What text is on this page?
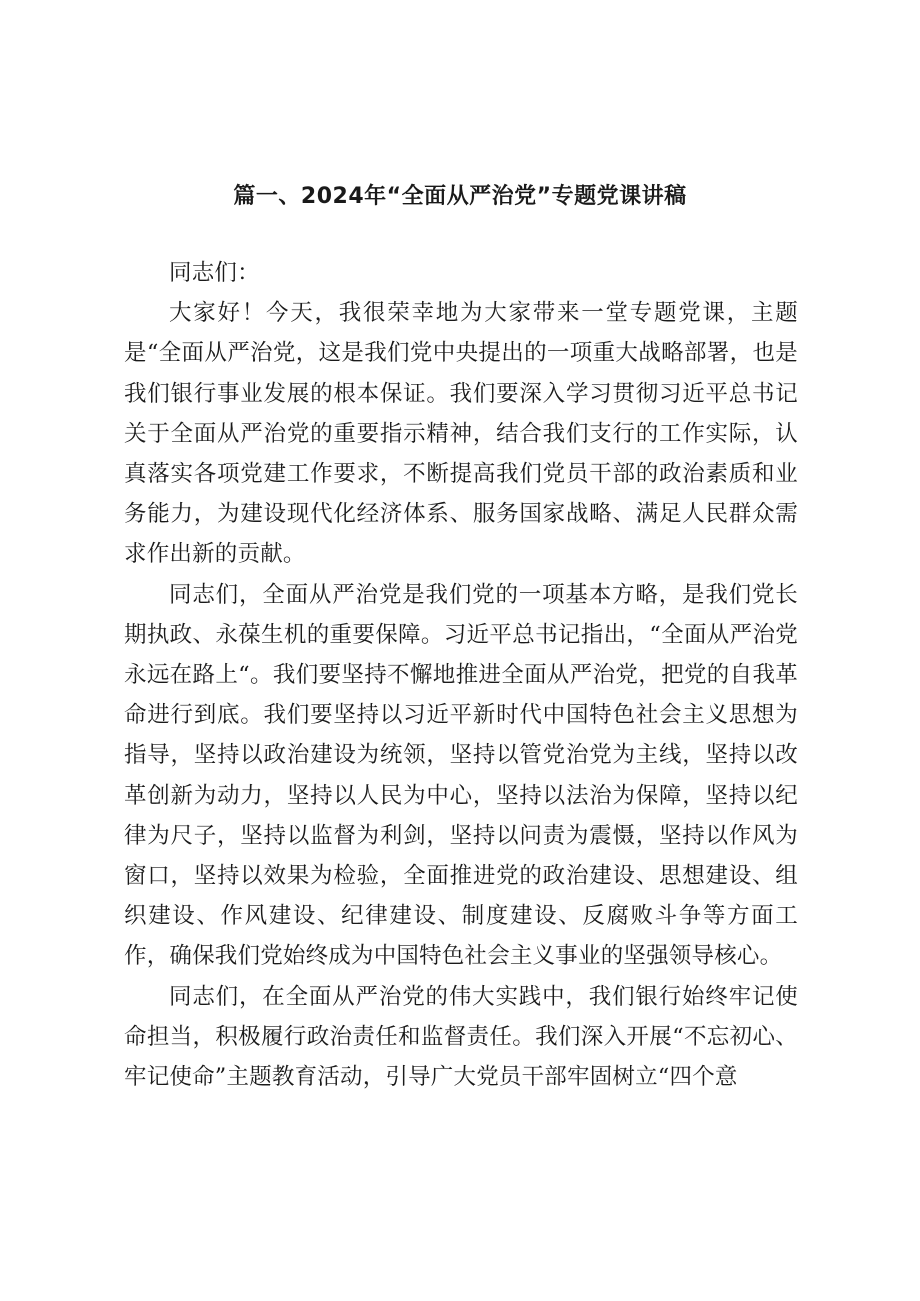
篇一、2024年“全面从严治党”专题党课讲稿

同志们：

大家好！今天，我很荣幸地为大家带来一堂专题党课，主题是“全面从严治党，这是我们党中央提出的一项重大战略部署，也是我们银行事业发展的根本保证。我们要深入学习贯彻习近平总书记关于全面从严治党的重要指示精神，结合我们支行的工作实际，认真落实各项党建工作要求，不断提高我们党员干部的政治素质和业务能力，为建设现代化经济体系、服务国家战略、满足人民群众需求作出新的贡献。

同志们，全面从严治党是我们党的一项基本方略，是我们党长期执政、永葆生机的重要保障。习近平总书记指出，“全面从严治党永远在路上“。我们要坚持不懈地推进全面从严治党，把党的自我革命进行到底。我们要坚持以习近平新时代中国特色社会主义思想为指导，坚持以政治建设为统领，坚持以管党治党为主线，坚持以改革创新为动力，坚持以人民为中心，坚持以法治为保障，坚持以纪律为尺子，坚持以监督为利剑，坚持以问责为震慑，坚持以作风为窗口，坚持以效果为检验，全面推进党的政治建设、思想建设、组织建设、作风建设、纪律建设、制度建设、反腐败斗争等方面工作，确保我们党始终成为中国特色社会主义事业的坚强领导核心。

同志们，在全面从严治党的伟大实践中，我们银行始终牢记使命担当，积极履行政治责任和监督责任。我们深入开展“不忘初心、牢记使命”主题教育活动，引导广大党员干部牢固树立“四个意
